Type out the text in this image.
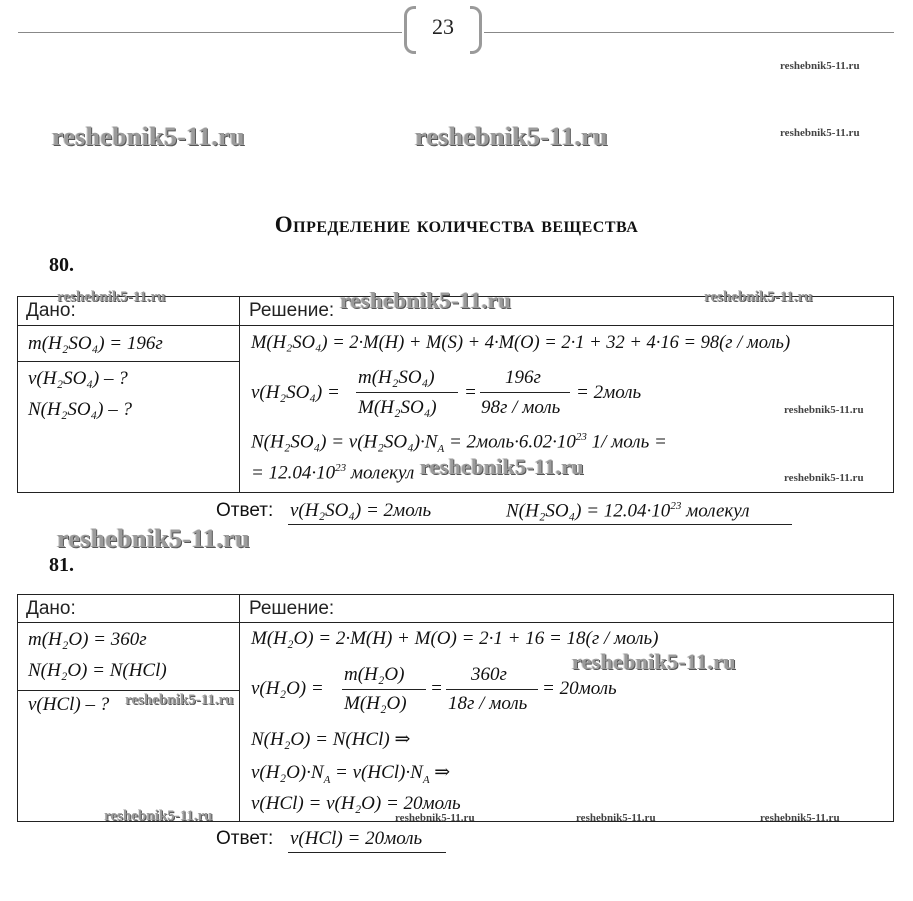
23
reshebnik5-11.ru
reshebnik5-11.ru	reshebnik5-11.ru	reshebnik5-11.ru
Определение количества вещества
80.
Дано:	Решение:
reshebnik5-11.ru	reshebnik5-11.ru	reshebnik5-11.ru
m(H₂SO₄) = 196г
ν(H₂SO₄) – ?
N(H₂SO₄) – ?
M(H₂SO₄) = 2·M(H) + M(S) + 4·M(O) = 2·1 + 32 + 4·16 = 98(г / моль)
ν(H₂SO₄) =
m(H₂SO₄)
M(H₂SO₄)
=
196г
98г / моль
= 2моль
reshebnik5-11.ru
$N(H_2SO_4) = \nu(H_2SO_4)\cdot N_A$ = $2моль\cdot 6.02\cdot 10^{23}$ 1/ моль =
= $12.04\cdot 10^{23}$ молекул reshebnik5-11.ru	reshebnik5-11.ru
Ответ: ν(H₂SO₄) = 2моль	$N(H_2SO_4) = 12.04\cdot 10^{23}$ молекул
reshebnik5-11.ru
81.
Дано:	Решение:
m(H₂O) = 360г
N(H₂O) = N(HCl)
ν(HCl) – ? reshebnik5-11.ru
M(H₂O) = 2·M(H) + M(O) = 2·1 + 16 = 18(г / моль)
reshebnik5-11.ru
ν(H₂O) =
m(H₂O)
M(H₂O)
=
360г
18г / моль
= 20моль
N(H₂O) = N(HCl) ⇒
$\nu(H_2O)\cdot N_A = \nu(HCl)\cdot N_A$ ⇒
ν(HCl) = ν(H₂O) = 20моль
reshebnik5-11.ru	reshebnik5-11.ru	reshebnik5-11.ru	reshebnik5-11.ru
Ответ: ν(HCl) = 20моль
